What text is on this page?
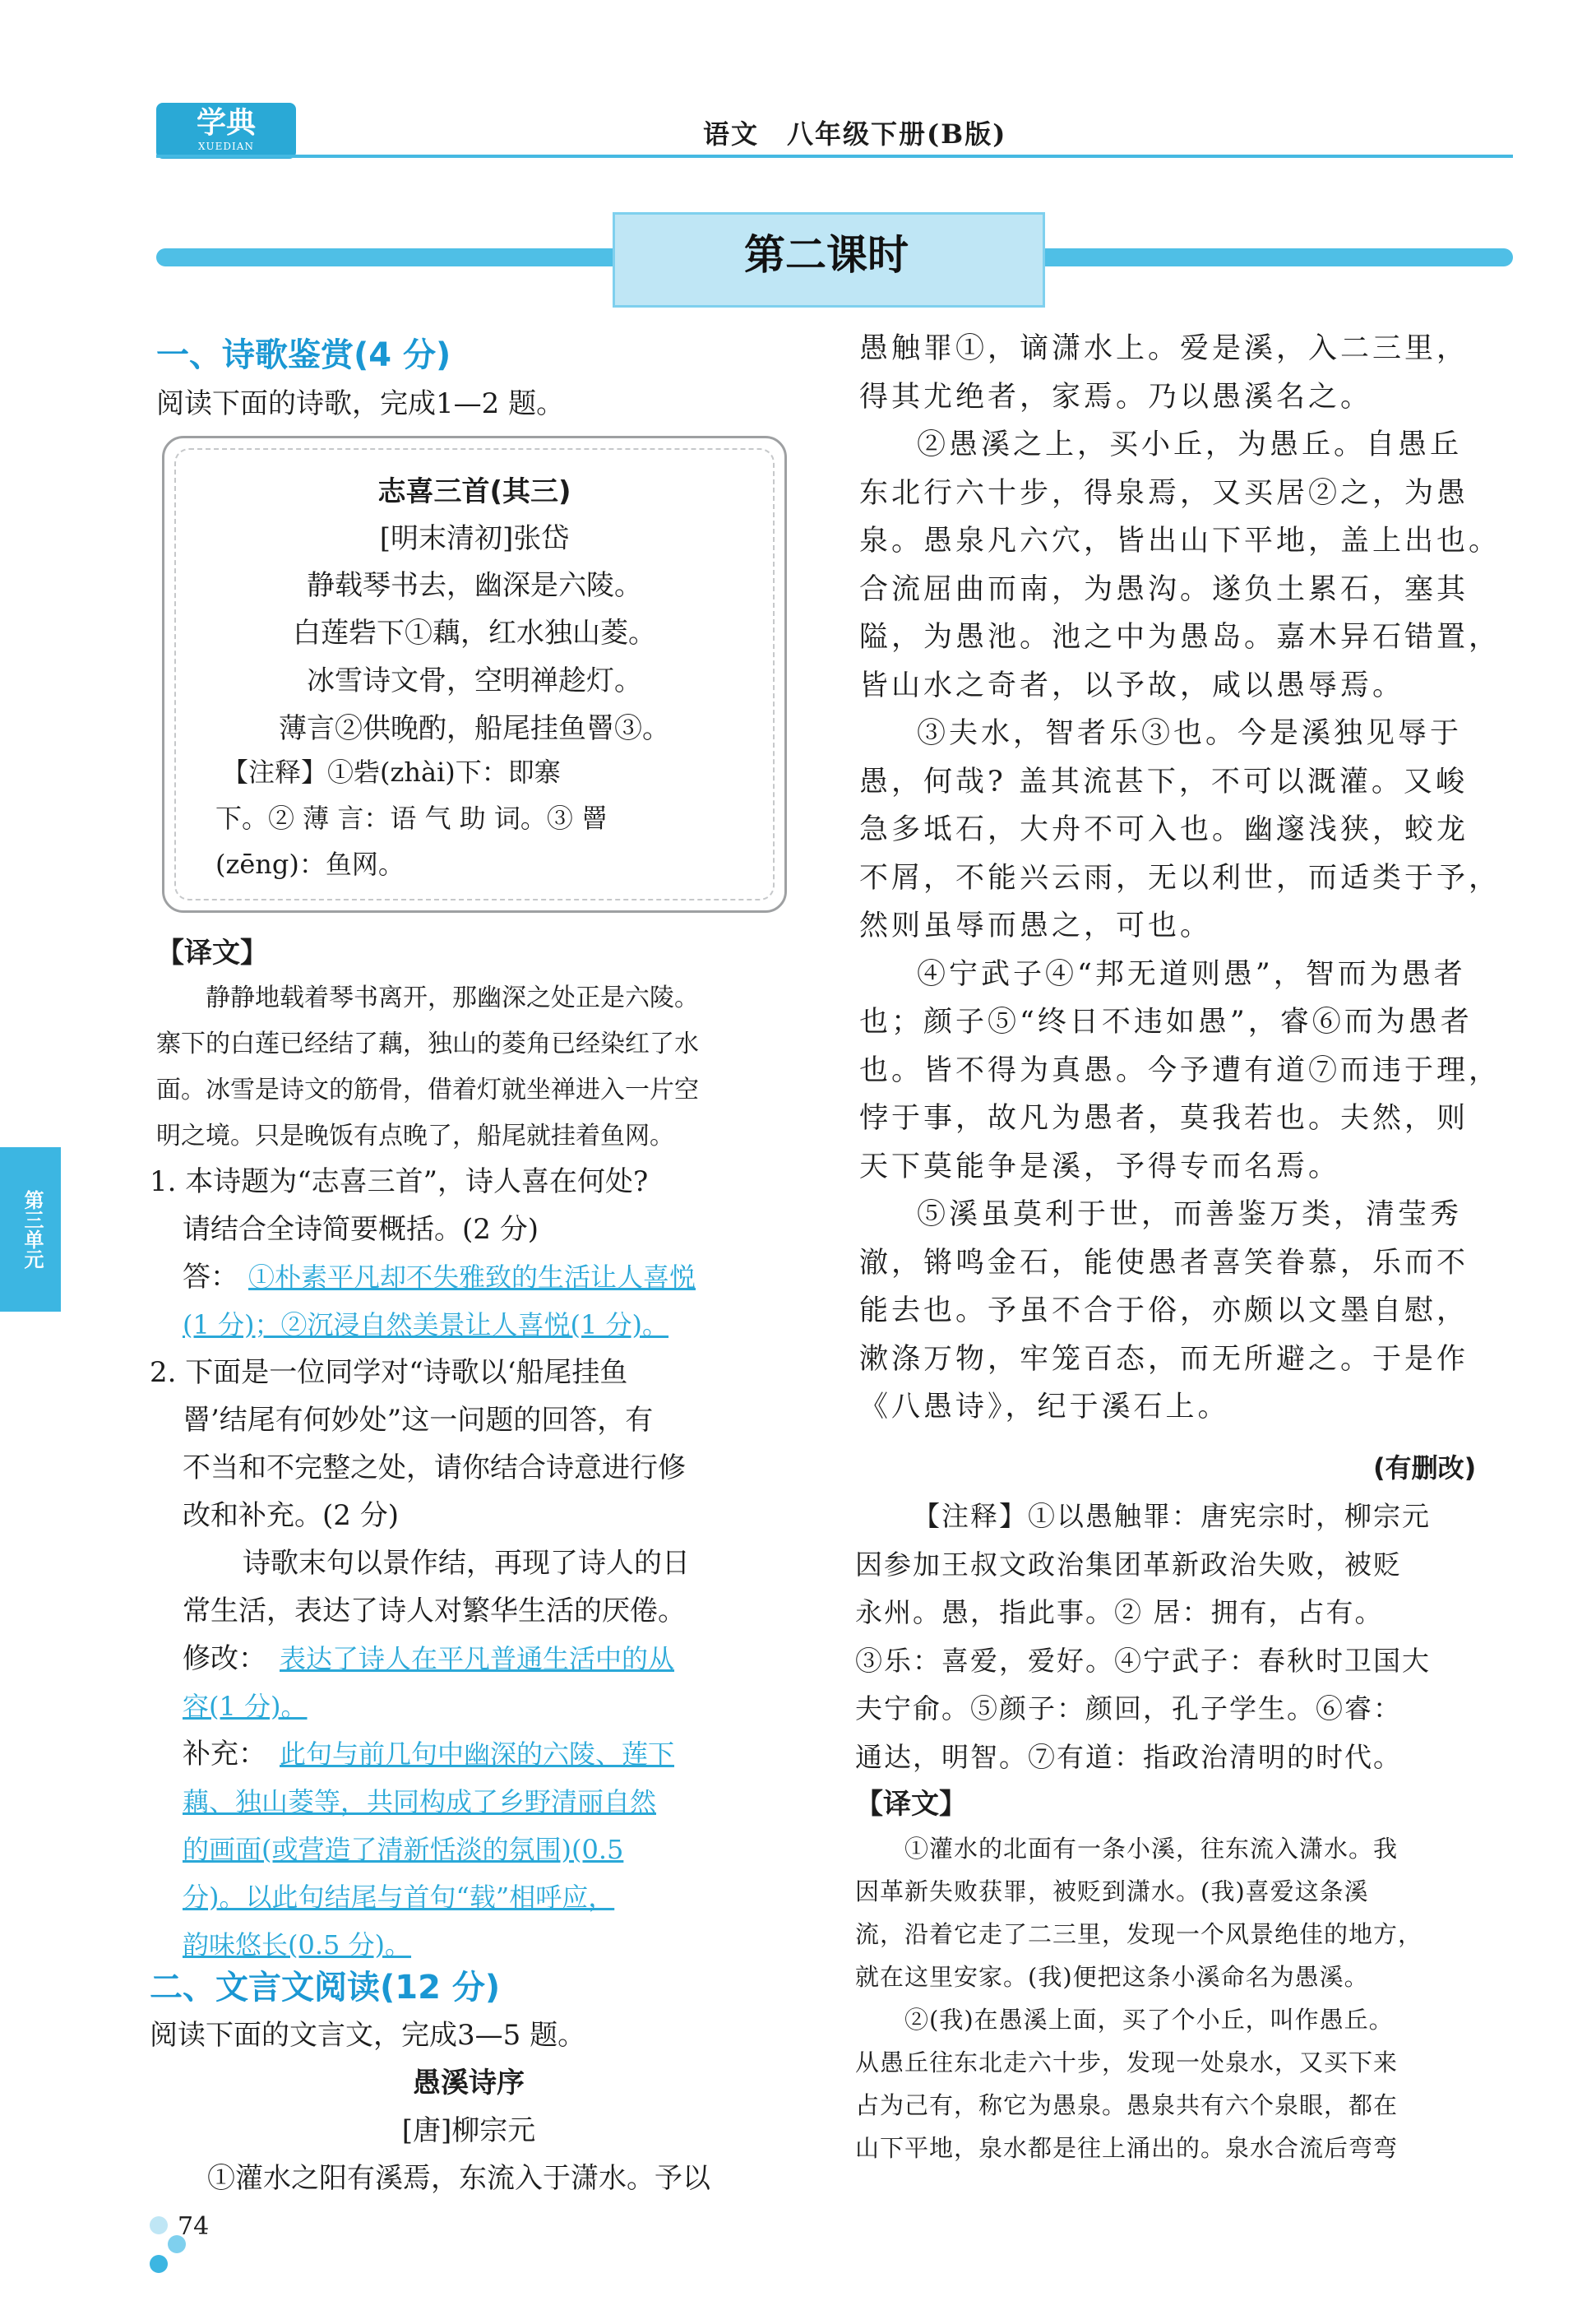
学典
XUEDIAN	语文　八年级下册(B版)
第二课时
第三单元
一、诗歌鉴赏(4 分)
阅读下面的诗歌，完成1—2 题。
志喜三首(其三)
[明末清初]张岱
静载琴书去，幽深是六陵。
白莲砦下①藕，红水独山菱。
冰雪诗文骨，空明禅趁灯。
薄言②供晚酌，船尾挂鱼罾③。
【注释】①砦(zhài)下：即寨
下。② 薄 言：语 气 助 词。③ 罾
(zēng)：鱼网。
【译文】
静静地载着琴书离开，那幽深之处正是六陵。
寨下的白莲已经结了藕，独山的菱角已经染红了水
面。冰雪是诗文的筋骨，借着灯就坐禅进入一片空
明之境。只是晚饭有点晚了，船尾就挂着鱼网。
1. 本诗题为“志喜三首”，诗人喜在何处?
请结合全诗简要概括。(2 分)
答： ①朴素平凡却不失雅致的生活让人喜悦
(1 分)；②沉浸自然美景让人喜悦(1 分)。
2. 下面是一位同学对“诗歌以‘船尾挂鱼
罾’结尾有何妙处”这一问题的回答，有
不当和不完整之处，请你结合诗意进行修
改和补充。(2 分)
诗歌末句以景作结，再现了诗人的日
常生活，表达了诗人对繁华生活的厌倦。
修改： 表达了诗人在平凡普通生活中的从
容(1 分)。
补充： 此句与前几句中幽深的六陵、莲下
藕、独山菱等，共同构成了乡野清丽自然
的画面(或营造了清新恬淡的氛围)(0.5
分)。以此句结尾与首句“载”相呼应，
韵味悠长(0.5 分)。
二、文言文阅读(12 分)
阅读下面的文言文，完成3—5 题。
愚溪诗序
[唐]柳宗元
①灌水之阳有溪焉，东流入于潇水。予以
74
愚触罪①，谪潇水上。爱是溪，入二三里，
得其尤绝者，家焉。乃以愚溪名之。
②愚溪之上，买小丘，为愚丘。自愚丘
东北行六十步，得泉焉，又买居②之，为愚
泉。愚泉凡六穴，皆出山下平地，盖上出也。
合流屈曲而南，为愚沟。遂负土累石，塞其
隘，为愚池。池之中为愚岛。嘉木异石错置，
皆山水之奇者，以予故，咸以愚辱焉。
③夫水，智者乐③也。今是溪独见辱于
愚，何哉? 盖其流甚下，不可以溉灌。又峻
急多坻石，大舟不可入也。幽邃浅狭，蛟龙
不屑，不能兴云雨，无以利世，而适类于予，
然则虽辱而愚之，可也。
④宁武子④“邦无道则愚”，智而为愚者
也；颜子⑤“终日不违如愚”，睿⑥而为愚者
也。皆不得为真愚。今予遭有道⑦而违于理，
悖于事，故凡为愚者，莫我若也。夫然，则
天下莫能争是溪，予得专而名焉。
⑤溪虽莫利于世，而善鉴万类，清莹秀
澈，锵鸣金石，能使愚者喜笑眷慕，乐而不
能去也。予虽不合于俗，亦颇以文墨自慰，
漱涤万物，牢笼百态，而无所避之。于是作
《八愚诗》，纪于溪石上。
(有删改)
【注释】①以愚触罪：唐宪宗时，柳宗元
因参加王叔文政治集团革新政治失败，被贬
永州。愚，指此事。② 居：拥有，占有。
③乐：喜爱，爱好。④宁武子：春秋时卫国大
夫宁俞。⑤颜子：颜回，孔子学生。⑥睿：
通达，明智。⑦有道：指政治清明的时代。
【译文】
①灌水的北面有一条小溪，往东流入潇水。我
因革新失败获罪，被贬到潇水。(我)喜爱这条溪
流，沿着它走了二三里，发现一个风景绝佳的地方，
就在这里安家。(我)便把这条小溪命名为愚溪。
②(我)在愚溪上面，买了个小丘，叫作愚丘。
从愚丘往东北走六十步，发现一处泉水，又买下来
占为己有，称它为愚泉。愚泉共有六个泉眼，都在
山下平地，泉水都是往上涌出的。泉水合流后弯弯
